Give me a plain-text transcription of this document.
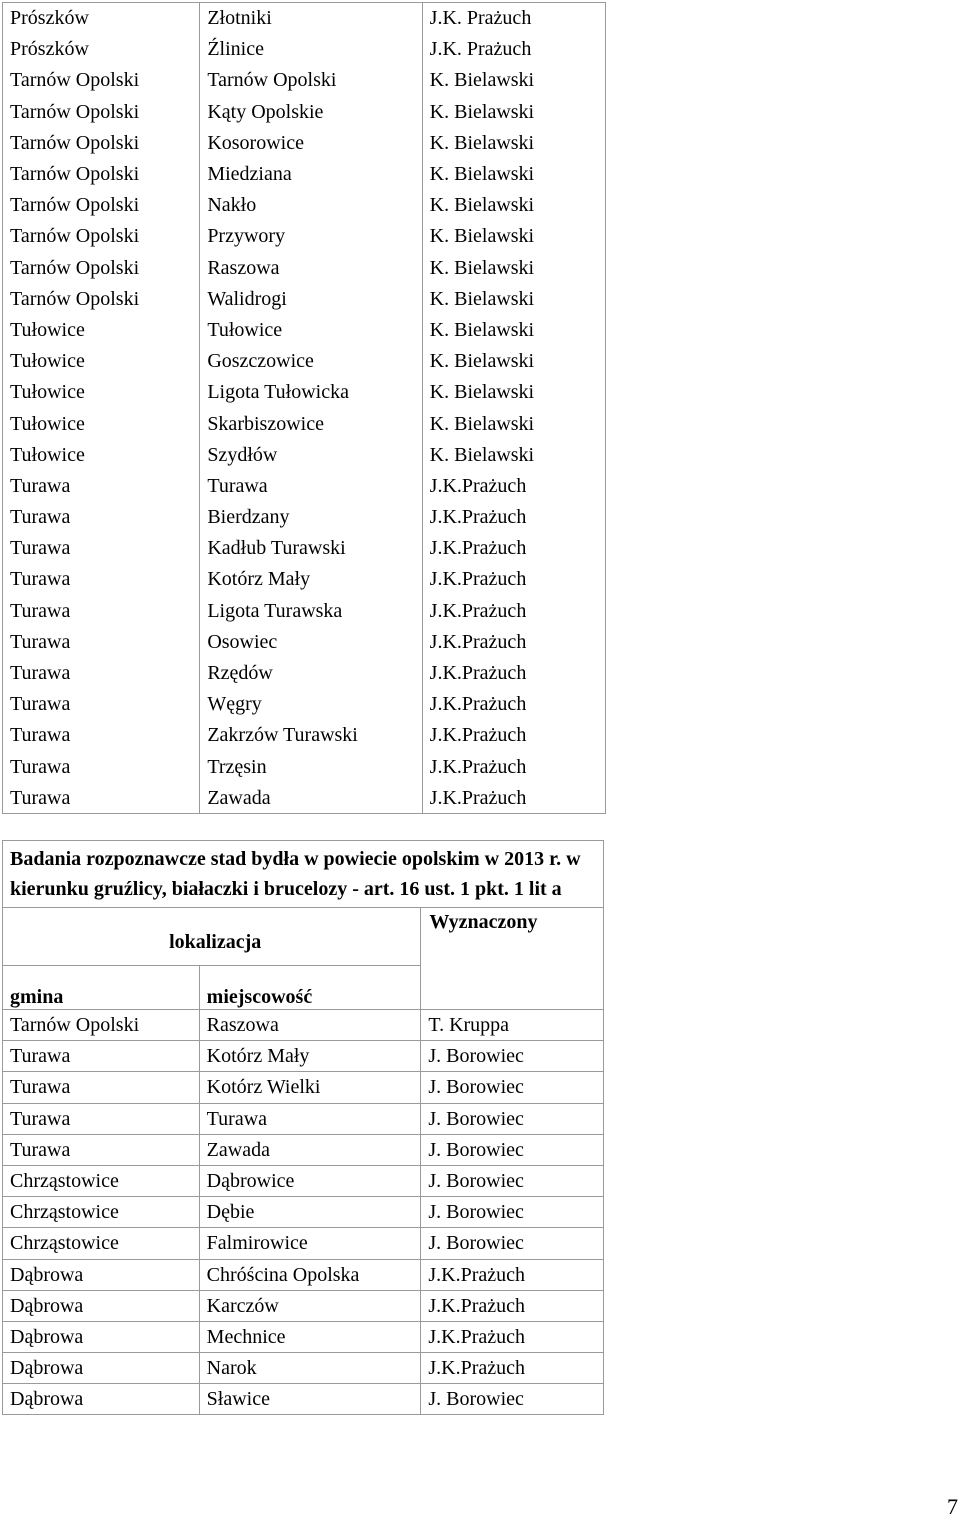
Prószków	Złotniki	J.K. Prażuch
Prószków	Źlinice	J.K. Prażuch
Tarnów Opolski	Tarnów Opolski	K. Bielawski
Tarnów Opolski	Kąty Opolskie	K. Bielawski
Tarnów Opolski	Kosorowice	K. Bielawski
Tarnów Opolski	Miedziana	K. Bielawski
Tarnów Opolski	Nakło	K. Bielawski
Tarnów Opolski	Przywory	K. Bielawski
Tarnów Opolski	Raszowa	K. Bielawski
Tarnów Opolski	Walidrogi	K. Bielawski
Tułowice	Tułowice	K. Bielawski
Tułowice	Goszczowice	K. Bielawski
Tułowice	Ligota Tułowicka	K. Bielawski
Tułowice	Skarbiszowice	K. Bielawski
Tułowice	Szydłów	K. Bielawski
Turawa	Turawa	J.K.Prażuch
Turawa	Bierdzany	J.K.Prażuch
Turawa	Kadłub Turawski	J.K.Prażuch
Turawa	Kotórz Mały	J.K.Prażuch
Turawa	Ligota Turawska	J.K.Prażuch
Turawa	Osowiec	J.K.Prażuch
Turawa	Rzędów	J.K.Prażuch
Turawa	Węgry	J.K.Prażuch
Turawa	Zakrzów Turawski	J.K.Prażuch
Turawa	Trzęsin	J.K.Prażuch
Turawa	Zawada	J.K.Prażuch
Badania rozpoznawcze stad bydła w powiecie opolskim w 2013 r. w kierunku gruźlicy, białaczki i brucelozy - art. 16 ust. 1 pkt. 1 lit a		
lokalizacja		Wyznaczony
gmina	miejscowość	
Tarnów Opolski	Raszowa	T. Kruppa
Turawa	Kotórz Mały	J. Borowiec
Turawa	Kotórz Wielki	J. Borowiec
Turawa	Turawa	J. Borowiec
Turawa	Zawada	J. Borowiec
Chrząstowice	Dąbrowice	J. Borowiec
Chrząstowice	Dębie	J. Borowiec
Chrząstowice	Falmirowice	J. Borowiec
Dąbrowa	Chróścina Opolska	J.K.Prażuch
Dąbrowa	Karczów	J.K.Prażuch
Dąbrowa	Mechnice	J.K.Prażuch
Dąbrowa	Narok	J.K.Prażuch
Dąbrowa	Sławice	J. Borowiec
7
